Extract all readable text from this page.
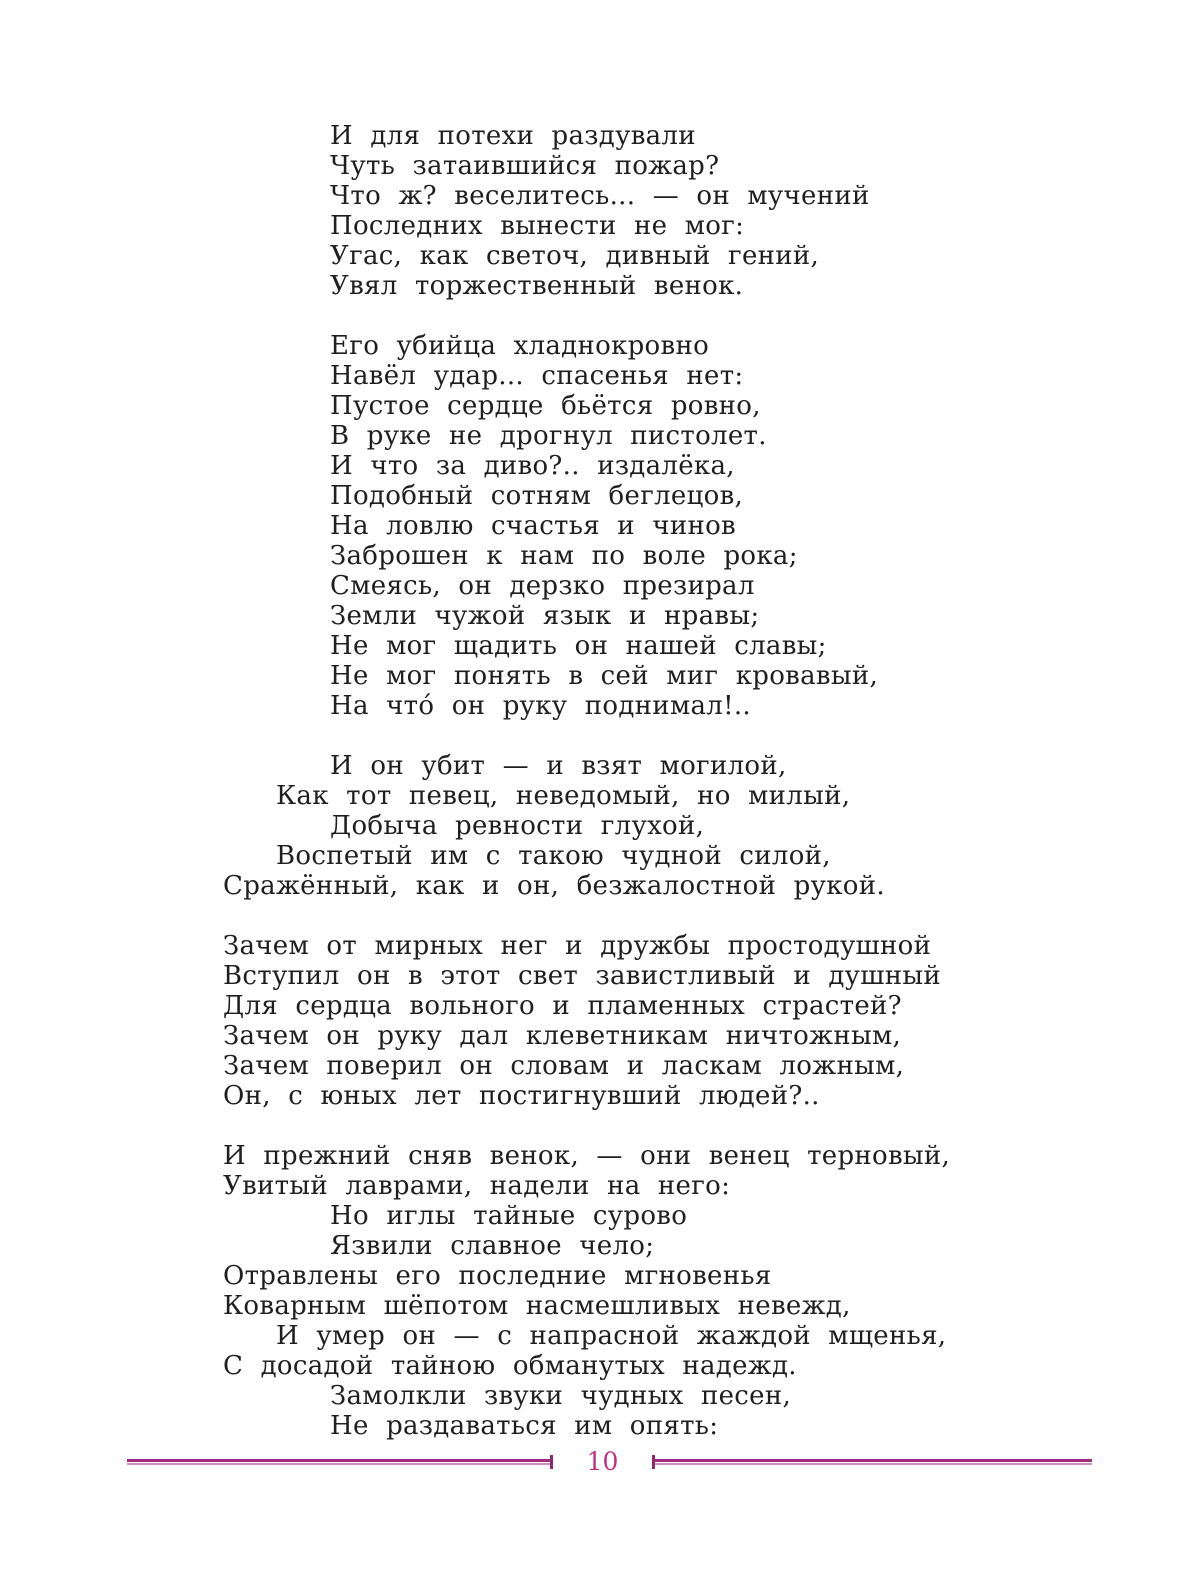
И для потехи раздували
Чуть затаившийся пожар?
Что ж? веселитесь... — он мучений
Последних вынести не мог:
Угас, как светоч, дивный гений,
Увял торжественный венок.
Его убийца хладнокровно
Навёл удар... спасенья нет:
Пустое сердце бьётся ровно,
В руке не дрогнул пистолет.
И что за диво?.. издалёка,
Подобный сотням беглецов,
На ловлю счастья и чинов
Заброшен к нам по воле рока;
Смеясь, он дерзко презирал
Земли чужой язык и нравы;
Не мог щадить он нашей славы;
Не мог понять в сей миг кровавый,
На что́ он руку поднимал!..
И он убит — и взят могилой,
Как тот певец, неведомый, но милый,
Добыча ревности глухой,
Воспетый им с такою чудной силой,
Сражённый, как и он, безжалостной рукой.
Зачем от мирных нег и дружбы простодушной
Вступил он в этот свет завистливый и душный
Для сердца вольного и пламенных страстей?
Зачем он руку дал клеветникам ничтожным,
Зачем поверил он словам и ласкам ложным,
Он, с юных лет постигнувший людей?..
И прежний сняв венок, — они венец терновый,
Увитый лаврами, надели на него:
Но иглы тайные сурово
Язвили славное чело;
Отравлены его последние мгновенья
Коварным шёпотом насмешливых невежд,
И умер он — с напрасной жаждой мщенья,
С досадой тайною обманутых надежд.
Замолкли звуки чудных песен,
Не раздаваться им опять:
10
